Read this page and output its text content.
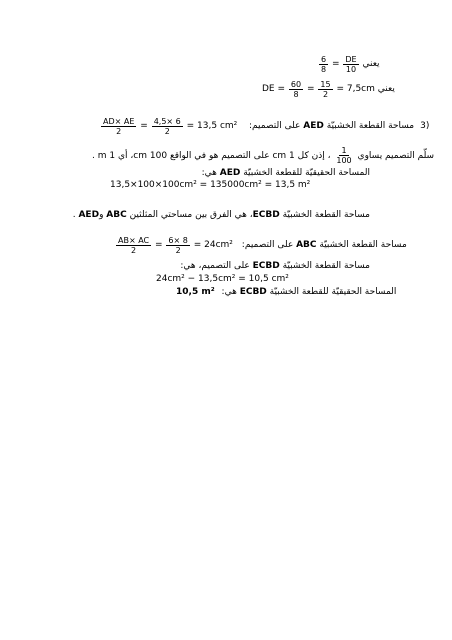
$\frac{6}{8} = \frac{DE}{10}$ يعني
DE = $\frac{60}{8} = \frac{15}{2} = 7,5cm$ يعني
$\frac{AD\times AE}{2} = \frac{4,5\times 6}{2} = 13,5$ cm²	مساحة القطعة الخشبيّة AED على التصميم:	3)
سلّم التصميم يساوي
$\frac{1}{100}$
، إذن كل 1 cm على التصميم هو في الواقع 100 cm، أي 1 m .
المساحة الحقيقيّة للقطعة الخشبيّة AED هي:
13,5×100×100cm² = 135000cm² = 13,5 m²
مساحة القطعة الخشبيّة ECBD، هي الفرق بين مساحتي المثلثين ABC وAED .
$\frac{AB\times AC}{2} = \frac{6\times 8}{2} = 24cm^2$	مساحة القطعة الخشبيّة ABC على التصميم:
مساحة القطعة الخشبيّة ECBD على التصميم، هي:
24cm² − 13,5cm² = 10,5 cm²
10,5 m²	المساحة الحقيقيّة للقطعة الخشبيّة ECBD هي:
